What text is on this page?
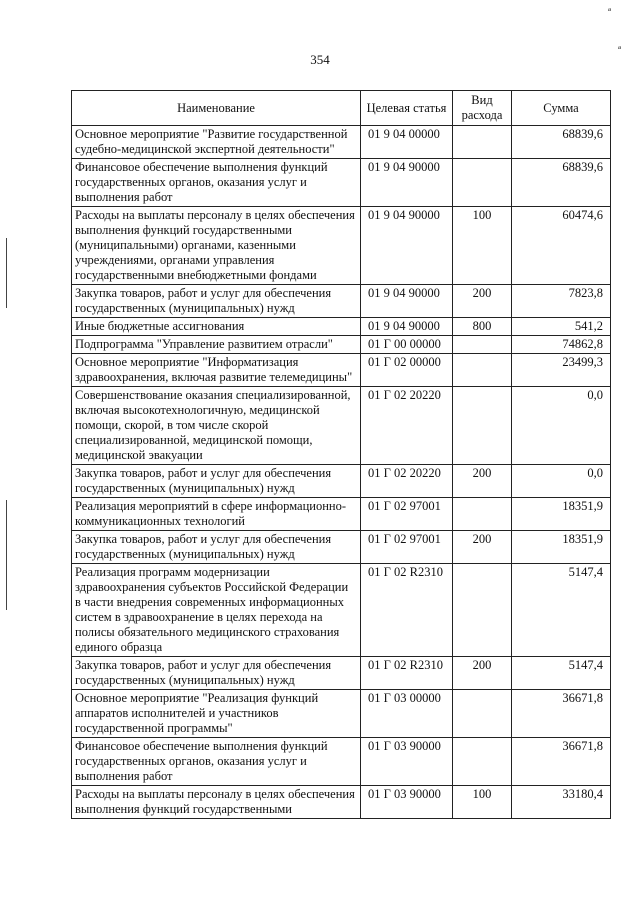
354
ª
ª
Наименование	Целевая статья	Вид расхода	Сумма
Основное мероприятие "Развитие государственной судебно-медицинской экспертной деятельности"	01 9 04 00000		68839,6
Финансовое обеспечение выполнения функций государственных органов, оказания услуг и выполнения работ	01 9 04 90000		68839,6
Расходы на выплаты персоналу в целях обеспечения выполнения функций государственными (муниципальными) органами, казенными учреждениями, органами управления государственными внебюджетными фондами	01 9 04 90000	100	60474,6
Закупка товаров, работ и услуг для обеспечения государственных (муниципальных) нужд	01 9 04 90000	200	7823,8
Иные бюджетные ассигнования	01 9 04 90000	800	541,2
Подпрограмма "Управление развитием отрасли"	01 Г 00 00000		74862,8
Основное мероприятие "Информатизация здравоохранения, включая развитие телемедицины"	01 Г 02 00000		23499,3
Совершенствование оказания специализированной, включая высокотехнологичную, медицинской помощи, скорой, в том числе скорой специализированной, медицинской помощи, медицинской эвакуации	01 Г 02 20220		0,0
Закупка товаров, работ и услуг для обеспечения государственных (муниципальных) нужд	01 Г 02 20220	200	0,0
Реализация мероприятий в сфере информационно-коммуникационных технологий	01 Г 02 97001		18351,9
Закупка товаров, работ и услуг для обеспечения государственных (муниципальных) нужд	01 Г 02 97001	200	18351,9
Реализация программ модернизации здравоохранения субъектов Российской Федерации в части внедрения современных информационных систем в здравоохранение в целях перехода на полисы обязательного медицинского страхования единого образца	01 Г 02 R2310		5147,4
Закупка товаров, работ и услуг для обеспечения государственных (муниципальных) нужд	01 Г 02 R2310	200	5147,4
Основное мероприятие "Реализация функций аппаратов исполнителей и участников государственной программы"	01 Г 03 00000		36671,8
Финансовое обеспечение выполнения функций государственных органов, оказания услуг и выполнения работ	01 Г 03 90000		36671,8
Расходы на выплаты персоналу в целях обеспечения выполнения функций государственными	01 Г 03 90000	100	33180,4
